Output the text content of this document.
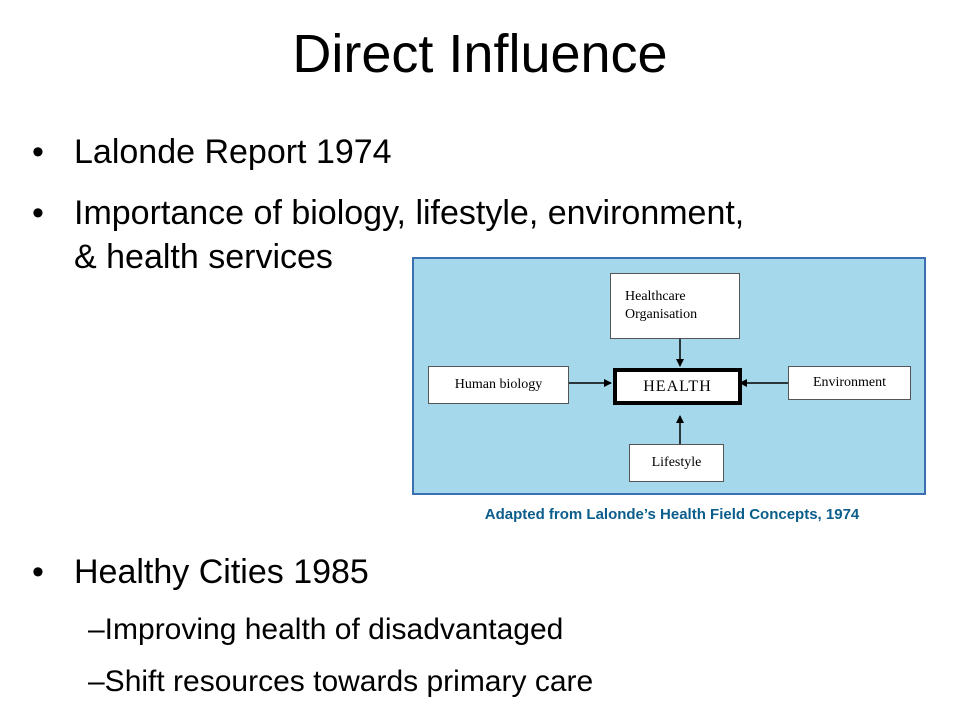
Direct Influence
• Lalonde Report 1974
• Importance of biology, lifestyle, environment,
& health services
Healthcare
Organisation
HEALTH
Human biology	Environment
Lifestyle
Adapted from Lalonde’s Health Field Concepts, 1974
• Healthy Cities 1985
–Improving health of disadvantaged
–Shift resources towards primary care
